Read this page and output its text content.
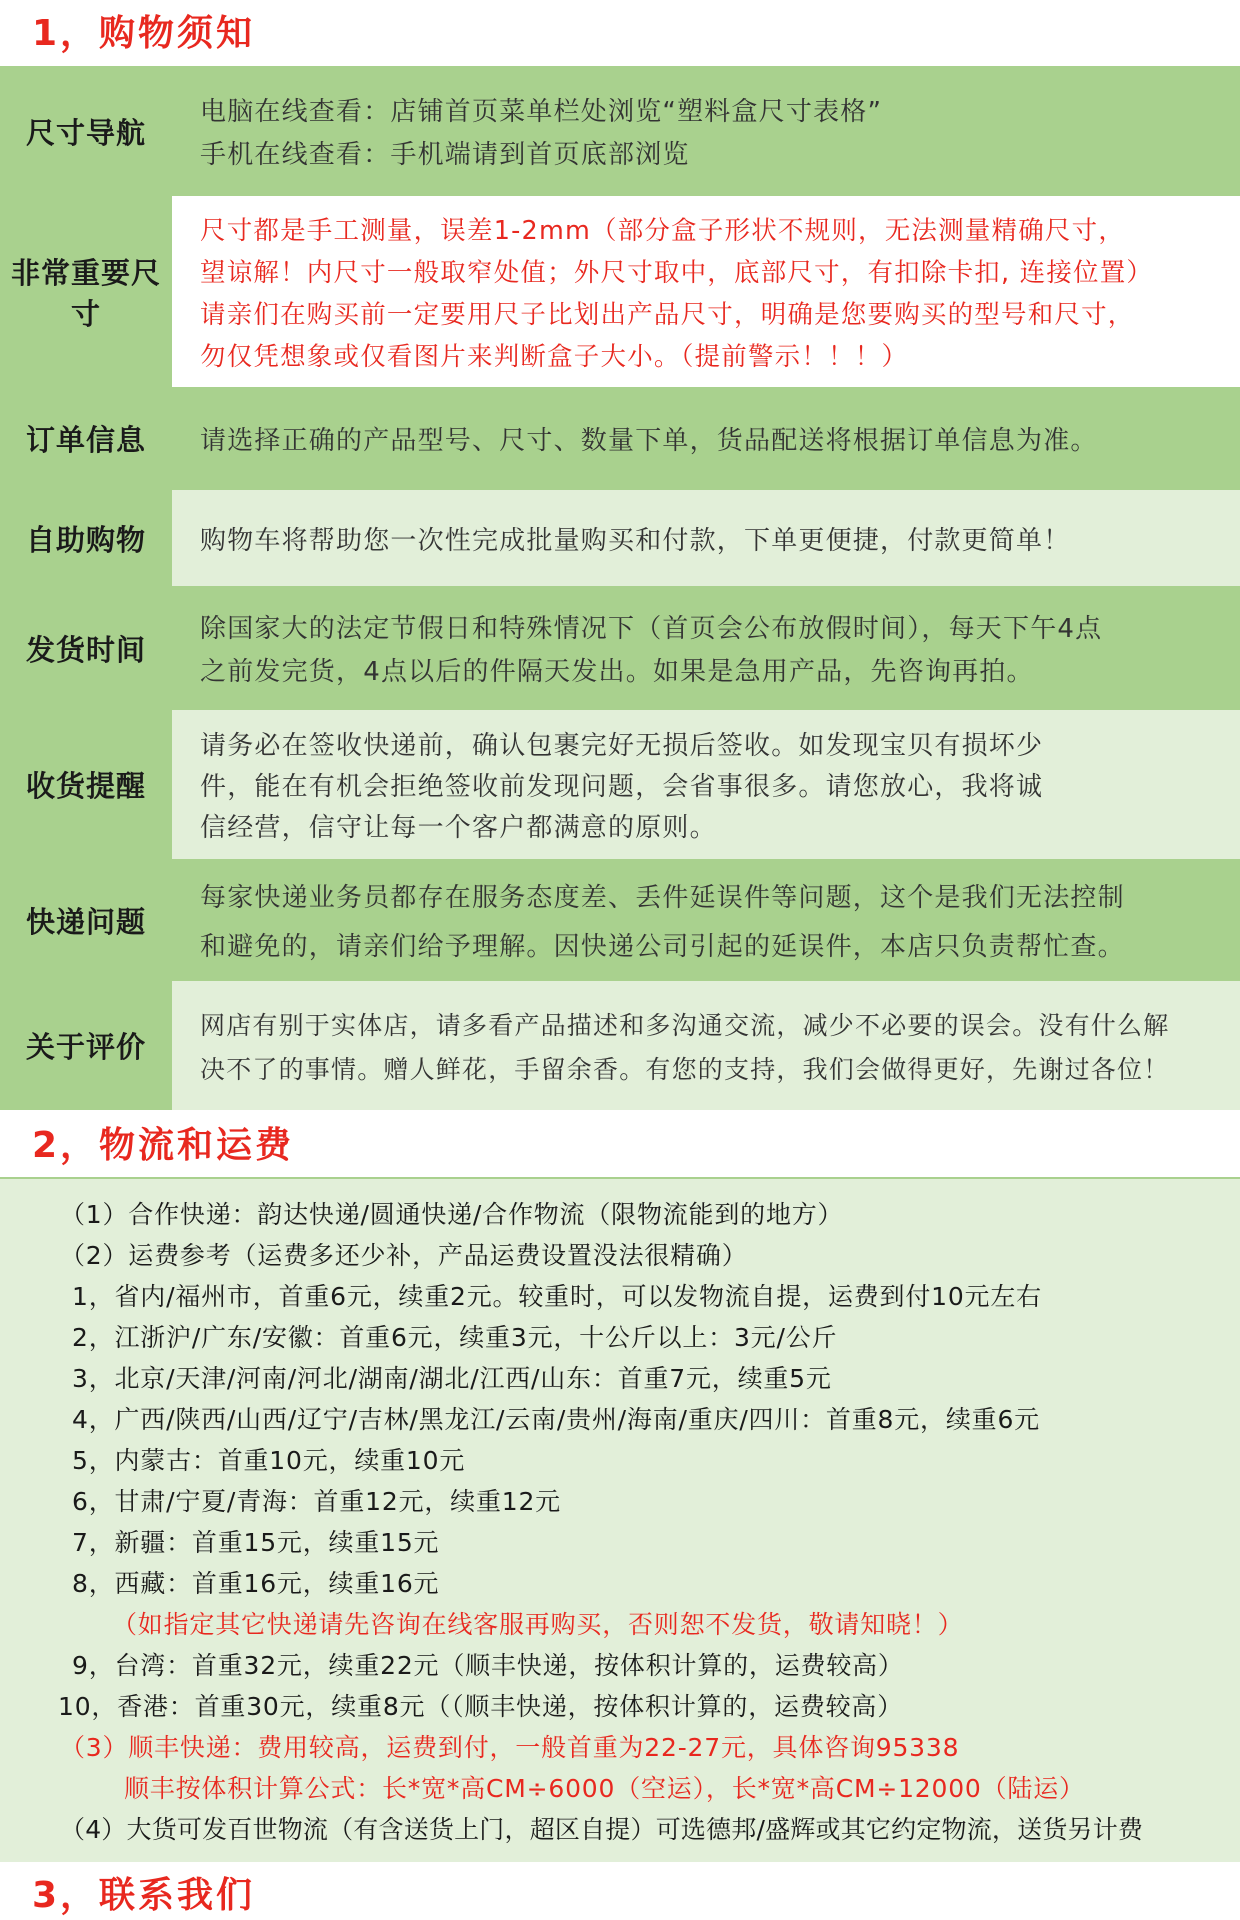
1，购物须知
尺寸导航
电脑在线查看：店铺首页菜单栏处浏览“塑料盒尺寸表格”
手机在线查看：手机端请到首页底部浏览
非常重要尺寸
尺寸都是手工测量，误差1-2mm（部分盒子形状不规则，无法测量精确尺寸，
望谅解！内尺寸一般取窄处值；外尺寸取中，底部尺寸，有扣除卡扣, 连接位置）
请亲们在购买前一定要用尺子比划出产品尺寸，明确是您要购买的型号和尺寸，
勿仅凭想象或仅看图片来判断盒子大小。（提前警示！！！）
订单信息	请选择正确的产品型号、尺寸、数量下单，货品配送将根据订单信息为准。
自助购物	购物车将帮助您一次性完成批量购买和付款，下单更便捷，付款更简单！
发货时间
除国家大的法定节假日和特殊情况下（首页会公布放假时间），每天下午4点
之前发完货，4点以后的件隔天发出。如果是急用产品，先咨询再拍。
收货提醒
请务必在签收快递前，确认包裹完好无损后签收。如发现宝贝有损坏少
件，能在有机会拒绝签收前发现问题，会省事很多。请您放心，我将诚
信经营，信守让每一个客户都满意的原则。
快递问题
每家快递业务员都存在服务态度差、丢件延误件等问题，这个是我们无法控制
和避免的，请亲们给予理解。因快递公司引起的延误件，本店只负责帮忙查。
关于评价
网店有别于实体店，请多看产品描述和多沟通交流，减少不必要的误会。没有什么解
决不了的事情。赠人鲜花，手留余香。有您的支持，我们会做得更好，先谢过各位！
2，物流和运费
（1）合作快递：韵达快递/圆通快递/合作物流（限物流能到的地方）
（2）运费参考（运费多还少补，产品运费设置没法很精确）
1，省内/福州市，首重6元，续重2元。较重时，可以发物流自提，运费到付10元左右
2，江浙沪/广东/安徽：首重6元，续重3元，十公斤以上：3元/公斤
3，北京/天津/河南/河北/湖南/湖北/江西/山东：首重7元，续重5元
4，广西/陕西/山西/辽宁/吉林/黑龙江/云南/贵州/海南/重庆/四川：首重8元，续重6元
5，内蒙古：首重10元，续重10元
6，甘肃/宁夏/青海：首重12元，续重12元
7，新疆：首重15元，续重15元
8，西藏：首重16元，续重16元
（如指定其它快递请先咨询在线客服再购买，否则恕不发货，敬请知晓！）
9，台湾：首重32元，续重22元（顺丰快递，按体积计算的，运费较高）
10，香港：首重30元，续重8元（（顺丰快递，按体积计算的，运费较高）
（3）顺丰快递：费用较高，运费到付，一般首重为22-27元，具体咨询95338
顺丰按体积计算公式：长*宽*高CM÷6000（空运），长*宽*高CM÷12000（陆运）
（4）大货可发百世物流（有含送货上门，超区自提）可选德邦/盛辉或其它约定物流，送货另计费
3，联系我们
